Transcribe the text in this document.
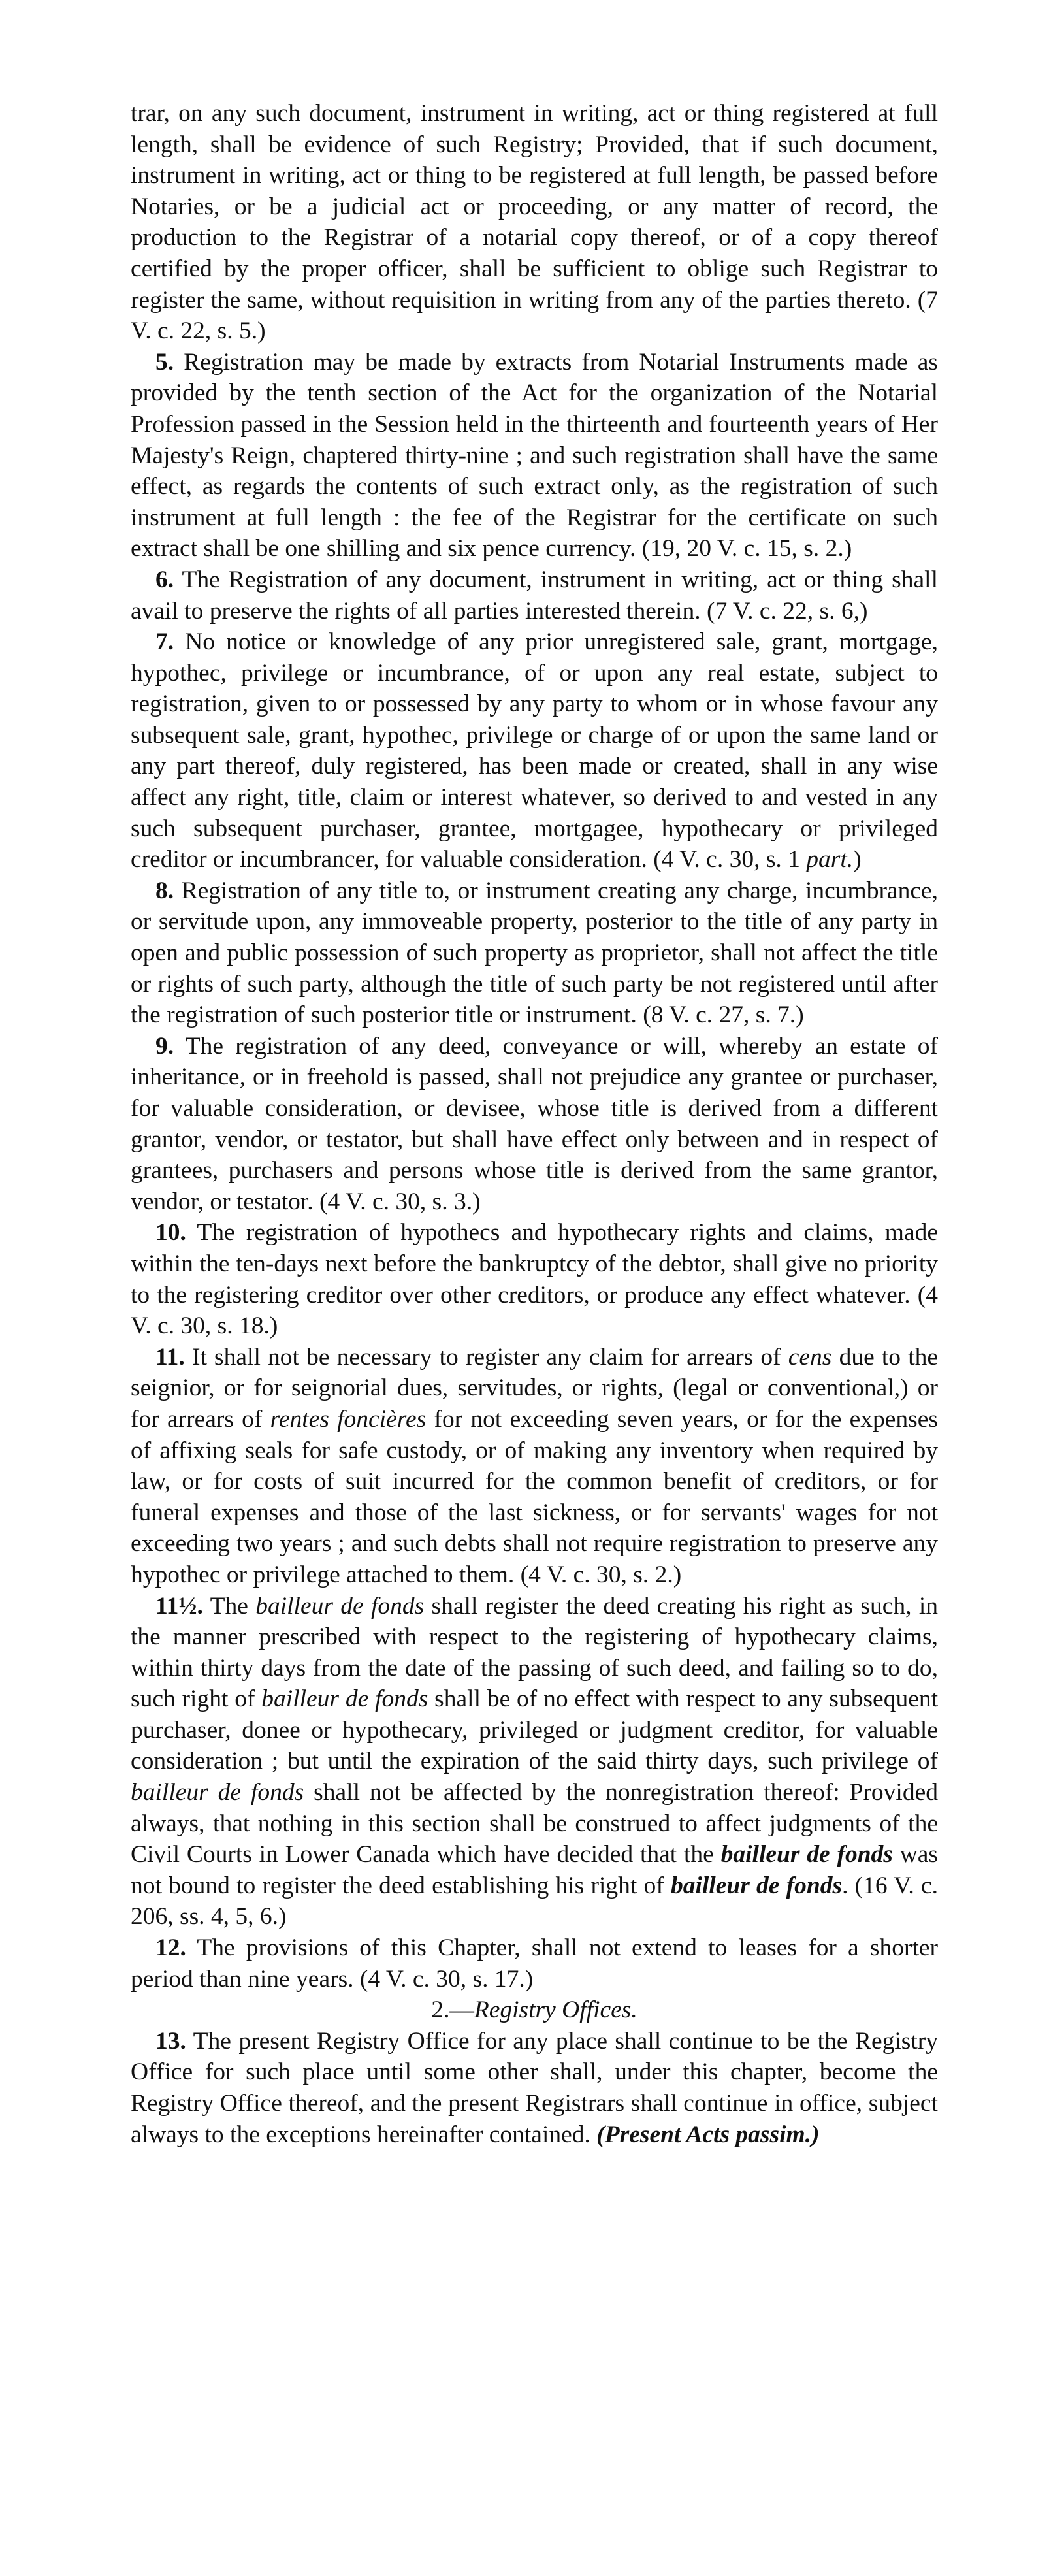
trar, on any such document, instrument in writing, act or thing registered at full length, shall be evidence of such Registry; Provided, that if such document, instrument in writing, act or thing to be registered at full length, be passed before Notaries, or be a judicial act or proceeding, or any matter of record, the production to the Registrar of a notarial copy thereof, or of a copy thereof certified by the proper officer, shall be sufficient to oblige such Registrar to register the same, without requisition in writing from any of the parties thereto. (7 V. c. 22, s. 5.)

5. Registration may be made by extracts from Notarial Instruments made as provided by the tenth section of the Act for the organization of the Notarial Profession passed in the Session held in the thirteenth and fourteenth years of Her Majesty's Reign, chaptered thirty-nine ; and such registration shall have the same effect, as regards the contents of such extract only, as the registration of such instrument at full length : the fee of the Registrar for the certificate on such extract shall be one shilling and six pence currency. (19, 20 V. c. 15, s. 2.)

6. The Registration of any document, instrument in writing, act or thing shall avail to preserve the rights of all parties interested therein. (7 V. c. 22, s. 6,)

7. No notice or knowledge of any prior unregistered sale, grant, mortgage, hypothec, privilege or incumbrance, of or upon any real estate, subject to registration, given to or possessed by any party to whom or in whose favour any subsequent sale, grant, hypothec, privilege or charge of or upon the same land or any part thereof, duly registered, has been made or created, shall in any wise affect any right, title, claim or interest whatever, so derived to and vested in any such subsequent purchaser, grantee, mortgagee, hypothecary or privileged creditor or incumbrancer, for valuable consideration. (4 V. c. 30, s. 1 part.)

8. Registration of any title to, or instrument creating any charge, incumbrance, or servitude upon, any immoveable property, posterior to the title of any party in open and public possession of such property as proprietor, shall not affect the title or rights of such party, although the title of such party be not registered until after the registration of such posterior title or instrument. (8 V. c. 27, s. 7.)

9. The registration of any deed, conveyance or will, whereby an estate of inheritance, or in freehold is passed, shall not prejudice any grantee or purchaser, for valuable consideration, or devisee, whose title is derived from a different grantor, vendor, or testator, but shall have effect only between and in respect of grantees, purchasers and persons whose title is derived from the same grantor, vendor, or testator. (4 V. c. 30, s. 3.)

10. The registration of hypothecs and hypothecary rights and claims, made within the ten-days next before the bankruptcy of the debtor, shall give no priority to the registering creditor over other creditors, or produce any effect whatever. (4 V. c. 30, s. 18.)

11. It shall not be necessary to register any claim for arrears of cens due to the seignior, or for seignorial dues, servitudes, or rights, (legal or conventional,) or for arrears of rentes foncières for not exceeding seven years, or for the expenses of affixing seals for safe custody, or of making any inventory when required by law, or for costs of suit incurred for the common benefit of creditors, or for funeral expenses and those of the last sickness, or for servants' wages for not exceeding two years ; and such debts shall not require registration to preserve any hypothec or privilege attached to them. (4 V. c. 30, s. 2.)

11½. The bailleur de fonds shall register the deed creating his right as such, in the manner prescribed with respect to the registering of hypothecary claims, within thirty days from the date of the passing of such deed, and failing so to do, such right of bailleur de fonds shall be of no effect with respect to any subsequent purchaser, donee or hypothecary, privileged or judgment creditor, for valuable consideration ; but until the expiration of the said thirty days, such privilege of bailleur de fonds shall not be affected by the nonregistration thereof: Provided always, that nothing in this section shall be construed to affect judgments of the Civil Courts in Lower Canada which have decided that the bailleur de fonds was not bound to register the deed establishing his right of bailleur de fonds. (16 V. c. 206, ss. 4, 5, 6.)

12. The provisions of this Chapter, shall not extend to leases for a shorter period than nine years. (4 V. c. 30, s. 17.)

2.—Registry Offices.

13. The present Registry Office for any place shall continue to be the Registry Office for such place until some other shall, under this chapter, become the Registry Office thereof, and the present Registrars shall continue in office, subject always to the exceptions hereinafter contained. (Present Acts passim.)
